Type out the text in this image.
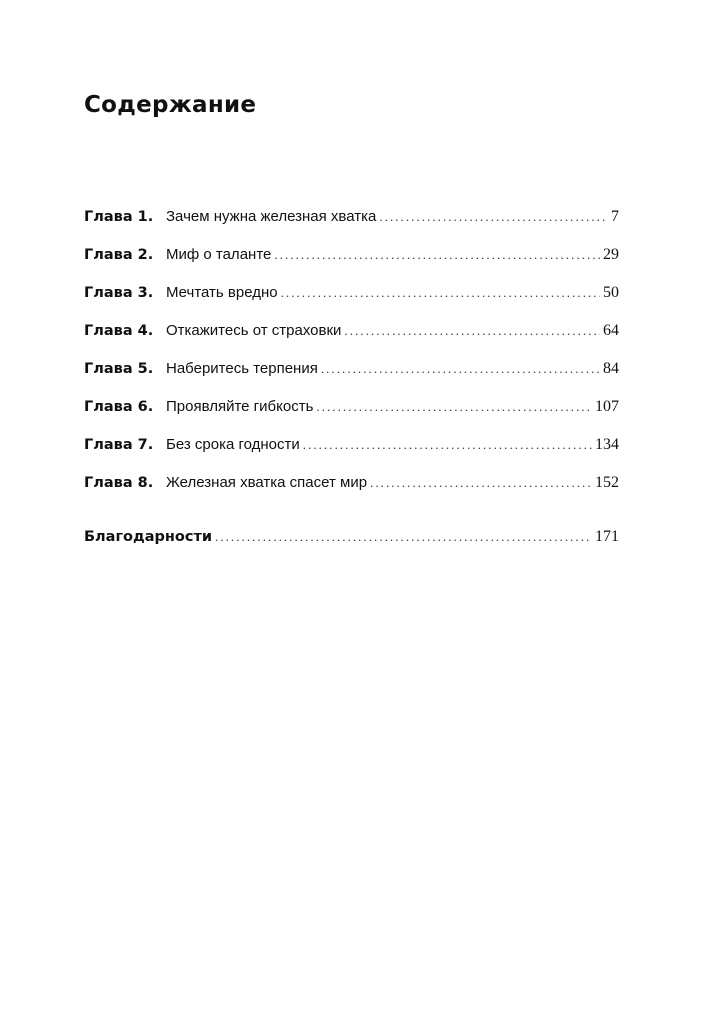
Содержание
Глава 1. Зачем нужна железная хватка . . .	7
Глава 2. Миф о таланте . . .	29
Глава 3. Мечтать вредно . . .	50
Глава 4. Откажитесь от страховки . . .	64
Глава 5. Наберитесь терпения . . .	84
Глава 6. Проявляйте гибкость . . .	107
Глава 7. Без срока годности . . .	134
Глава 8. Железная хватка спасет мир . . .	152
Благодарности . . .	171
